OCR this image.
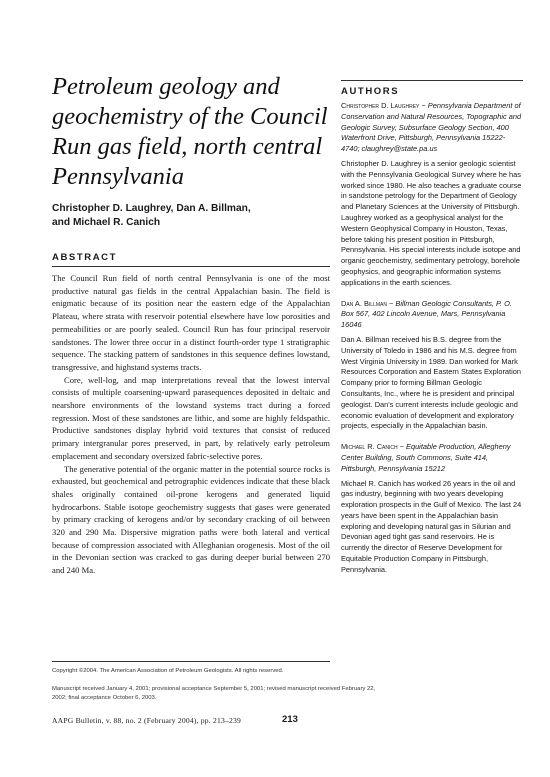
Petroleum geology and geochemistry of the Council Run gas field, north central Pennsylvania
Christopher D. Laughrey, Dan A. Billman,
and Michael R. Canich
ABSTRACT

The Council Run field of north central Pennsylvania is one of the most productive natural gas fields in the central Appalachian basin. The field is enigmatic because of its position near the eastern edge of the Appalachian Plateau, where strata with reservoir potential elsewhere have low porosities and permeabilities or are poorly sealed. Council Run has four principal reservoir sandstones. The lower three occur in a distinct fourth-order type 1 stratigraphic sequence. The stacking pattern of sandstones in this sequence defines lowstand, transgressive, and highstand systems tracts.

Core, well-log, and map interpretations reveal that the lowest interval consists of multiple coarsening-upward parasequences deposited in deltaic and nearshore environments of the lowstand systems tract during a forced regression. Most of these sandstones are lithic, and some are highly feldspathic. Productive sandstones display hybrid void textures that consist of reduced primary intergranular pores preserved, in part, by relatively early petroleum emplacement and secondary oversized fabric-selective pores.

The generative potential of the organic matter in the potential source rocks is exhausted, but geochemical and petrographic evidences indicate that these black shales originally contained oil-prone kerogens and generated liquid hydrocarbons. Stable isotope geochemistry suggests that gases were generated by primary cracking of kerogens and/or by secondary cracking of oil between 320 and 290 Ma. Dispersive migration paths were both lateral and vertical because of compression associated with Alleghanian orogenesis. Most of the oil in the Devonian section was cracked to gas during deeper burial between 270 and 240 Ma.

AUTHORS
Christopher D. Laughrey ~ Pennsylvania Department of Conservation and Natural Resources, Topographic and Geologic Survey, Subsurface Geology Section, 400 Waterfront Drive, Pittsburgh, Pennsylvania 15222-4740; claughrey@state.pa.us
Christopher D. Laughrey is a senior geologic scientist with the Pennsylvania Geological Survey where he has worked since 1980. He also teaches a graduate course in sandstone petrology for the Department of Geology and Planetary Sciences at the University of Pittsburgh. Laughrey worked as a geophysical analyst for the Western Geophysical Company in Houston, Texas, before taking his present position in Pittsburgh, Pennsylvania. His special interests include isotope and organic geochemistry, sedimentary petrology, borehole geophysics, and geographic information systems applications in the earth sciences.
Dan A. Billman ~ Billman Geologic Consultants, P. O. Box 567, 402 Lincoln Avenue, Mars, Pennsylvania 16046
Dan A. Billman received his B.S. degree from the University of Toledo in 1986 and his M.S. degree from West Virginia University in 1989. Dan worked for Mark Resources Corporation and Eastern States Exploration Company prior to forming Billman Geologic Consultants, Inc., where he is president and principal geologist. Dan's current interests include geologic and economic evaluation of development and exploratory projects, especially in the Appalachian basin.
Michael R. Canich ~ Equitable Production, Allegheny Center Building, South Commons, Suite 414, Pittsburgh, Pennsylvania 15212
Michael R. Canich has worked 26 years in the oil and gas industry, beginning with two years developing exploration prospects in the Gulf of Mexico. The last 24 years have been spent in the Appalachian basin exploring and developing natural gas in Silurian and Devonian aged tight gas sand reservoirs. He is currently the director of Reserve Development for Equitable Production Company in Pittsburgh, Pennsylvania.
Copyright ©2004. The American Association of Petroleum Geologists. All rights reserved.
Manuscript received January 4, 2001; provisional acceptance September 5, 2001; revised manuscript received February 22, 2002; final acceptance October 6, 2003.
AAPG Bulletin, v. 88, no. 2 (February 2004), pp. 213–239	213
